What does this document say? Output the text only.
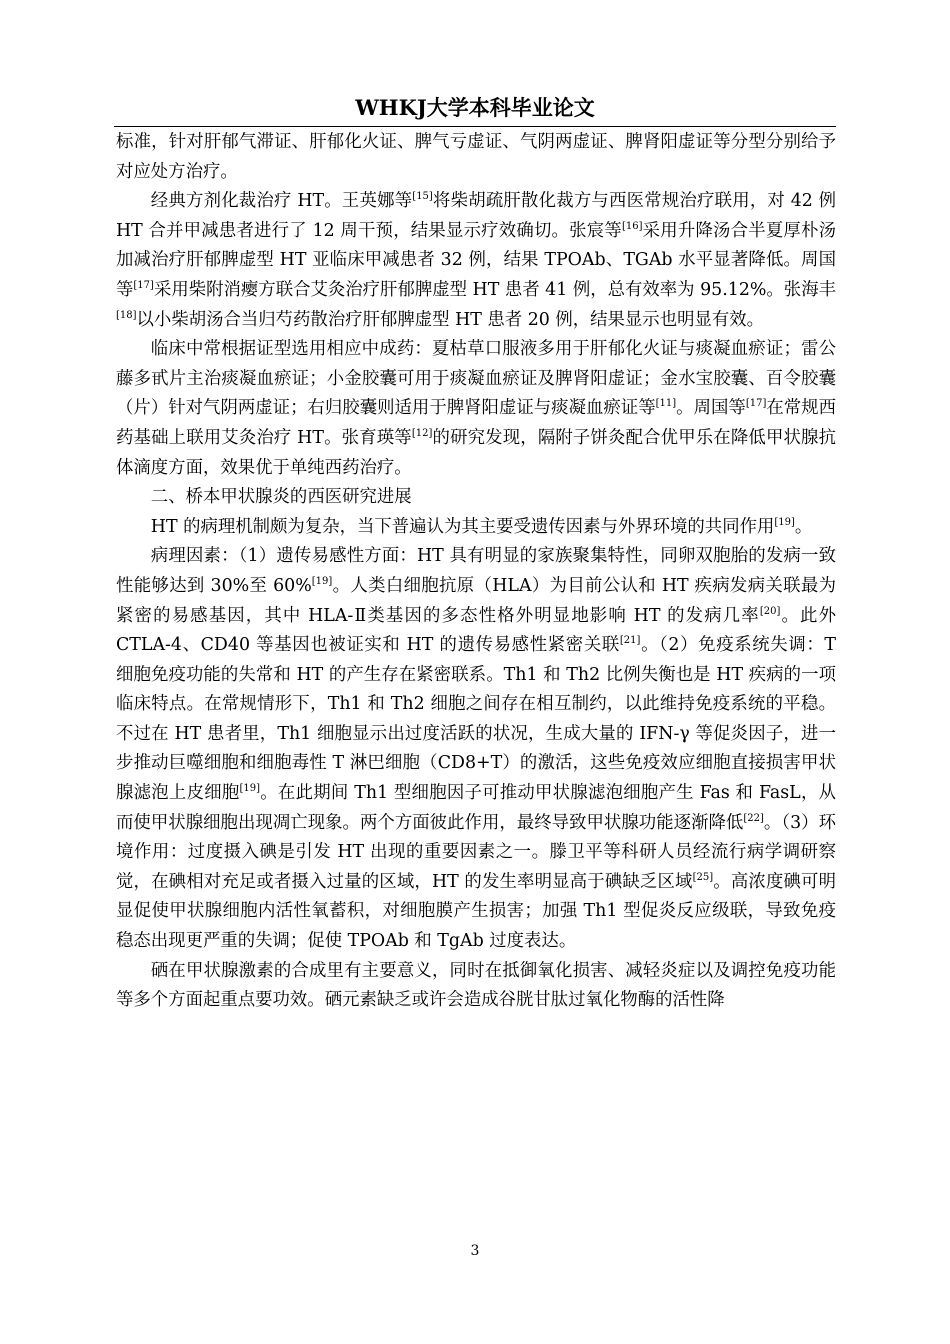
WHKJ大学本科毕业论文

标准，针对肝郁气滞证、肝郁化火证、脾气亏虚证、气阴两虚证、脾肾阳虚证等分型分别给予对应处方治疗。

经典方剂化裁治疗 HT。王英娜等[15]将柴胡疏肝散化裁方与西医常规治疗联用，对 42 例 HT 合并甲减患者进行了 12 周干预，结果显示疗效确切。张宸等[16]采用升降汤合半夏厚朴汤加减治疗肝郁脾虚型 HT 亚临床甲减患者 32 例，结果 TPOAb、TGAb 水平显著降低。周国等[17]采用柴附消瘿方联合艾灸治疗肝郁脾虚型 HT 患者 41 例，总有效率为 95.12%。张海丰[18]以小柴胡汤合当归芍药散治疗肝郁脾虚型 HT 患者 20 例，结果显示也明显有效。

临床中常根据证型选用相应中成药：夏枯草口服液多用于肝郁化火证与痰凝血瘀证；雷公藤多甙片主治痰凝血瘀证；小金胶囊可用于痰凝血瘀证及脾肾阳虚证；金水宝胶囊、百令胶囊（片）针对气阴两虚证；右归胶囊则适用于脾肾阳虚证与痰凝血瘀证等[11]。周国等[17]在常规西药基础上联用艾灸治疗 HT。张育瑛等[12]的研究发现，隔附子饼灸配合优甲乐在降低甲状腺抗体滴度方面，效果优于单纯西药治疗。

二、桥本甲状腺炎的西医研究进展

HT 的病理机制颇为复杂，当下普遍认为其主要受遗传因素与外界环境的共同作用[19]。

病理因素：（1）遗传易感性方面：HT 具有明显的家族聚集特性，同卵双胞胎的发病一致性能够达到 30%至 60%[19]。人类白细胞抗原（HLA）为目前公认和 HT 疾病发病关联最为紧密的易感基因，其中 HLA-Ⅱ类基因的多态性格外明显地影响 HT 的发病几率[20]。此外 CTLA-4、CD40 等基因也被证实和 HT 的遗传易感性紧密关联[21]。（2）免疫系统失调：T 细胞免疫功能的失常和 HT 的产生存在紧密联系。Th1 和 Th2 比例失衡也是 HT 疾病的一项临床特点。在常规情形下，Th1 和 Th2 细胞之间存在相互制约，以此维持免疫系统的平稳。不过在 HT 患者里，Th1 细胞显示出过度活跃的状况，生成大量的 IFN-γ 等促炎因子，进一步推动巨噬细胞和细胞毒性 T 淋巴细胞（CD8+T）的激活，这些免疫效应细胞直接损害甲状腺滤泡上皮细胞[19]。在此期间 Th1 型细胞因子可推动甲状腺滤泡细胞产生 Fas 和 FasL，从而使甲状腺细胞出现凋亡现象。两个方面彼此作用，最终导致甲状腺功能逐渐降低[22]。（3）环境作用：过度摄入碘是引发 HT 出现的重要因素之一。滕卫平等科研人员经流行病学调研察觉，在碘相对充足或者摄入过量的区域，HT 的发生率明显高于碘缺乏区域[25]。高浓度碘可明显促使甲状腺细胞内活性氧蓄积，对细胞膜产生损害；加强 Th1 型促炎反应级联，导致免疫稳态出现更严重的失调；促使 TPOAb 和 TgAb 过度表达。

硒在甲状腺激素的合成里有主要意义，同时在抵御氧化损害、减轻炎症以及调控免疫功能等多个方面起重点要功效。硒元素缺乏或许会造成谷胱甘肽过氧化物酶的活性降

3
